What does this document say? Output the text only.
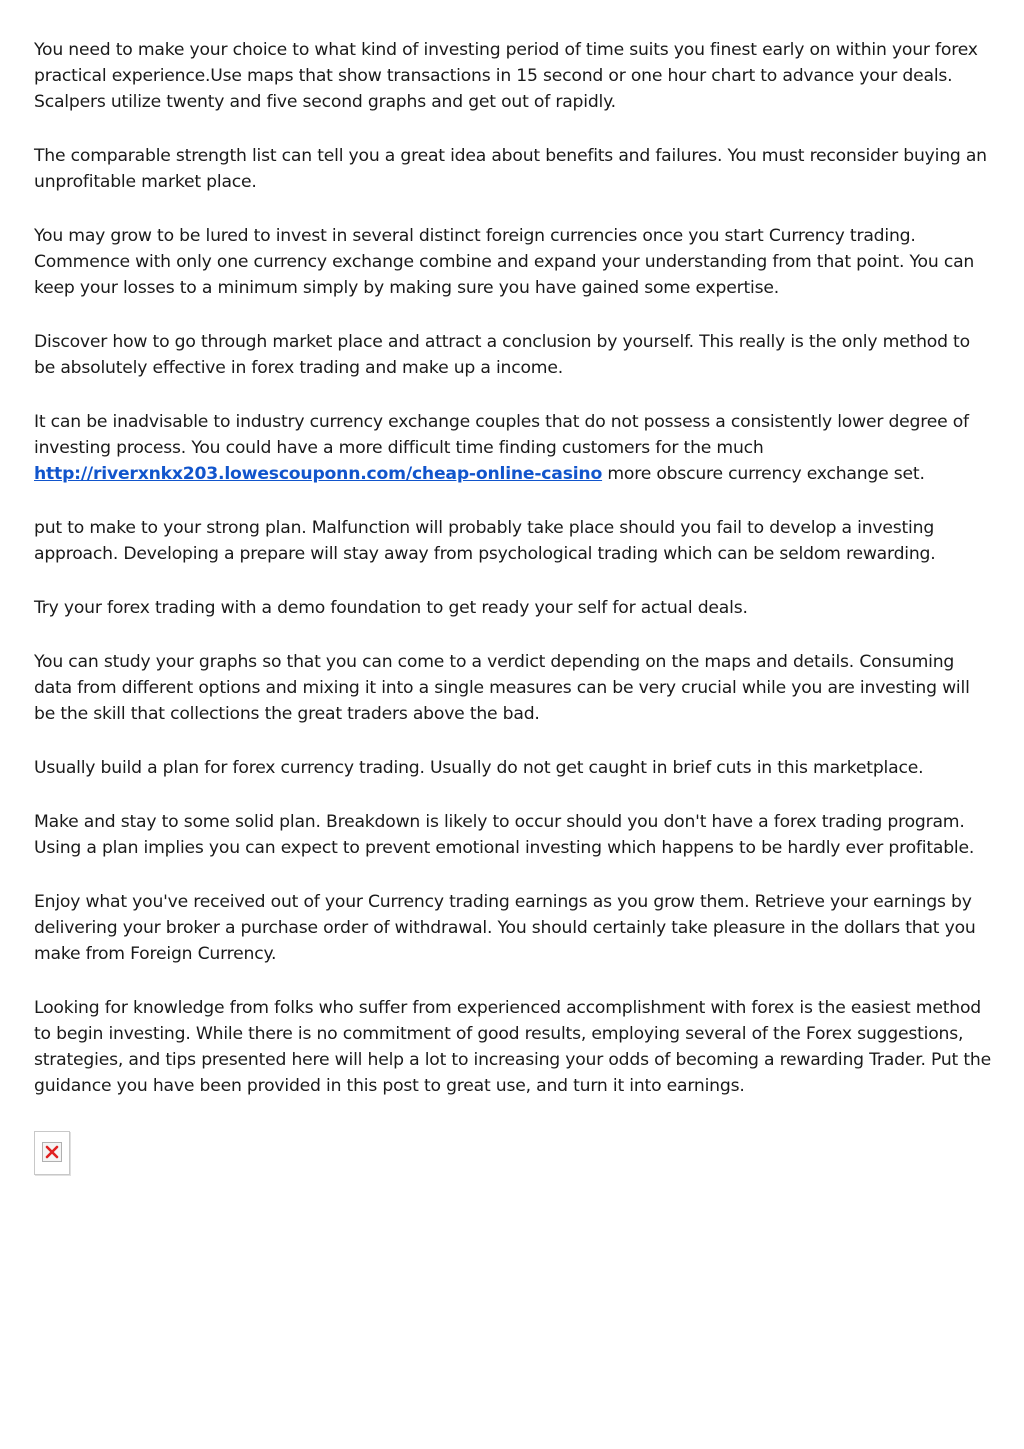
You need to make your choice to what kind of investing period of time suits you finest early on within your forex practical experience.Use maps that show transactions in 15 second or one hour chart to advance your deals. Scalpers utilize twenty and five second graphs and get out of rapidly.

The comparable strength list can tell you a great idea about benefits and failures. You must reconsider buying an unprofitable market place.

You may grow to be lured to invest in several distinct foreign currencies once you start Currency trading. Commence with only one currency exchange combine and expand your understanding from that point. You can keep your losses to a minimum simply by making sure you have gained some expertise.

Discover how to go through market place and attract a conclusion by yourself. This really is the only method to be absolutely effective in forex trading and make up a income.

It can be inadvisable to industry currency exchange couples that do not possess a consistently lower degree of investing process. You could have a more difficult time finding customers for the much http://riverxnkx203.lowescouponn.com/cheap-online-casino more obscure currency exchange set.

put to make to your strong plan. Malfunction will probably take place should you fail to develop a investing approach. Developing a prepare will stay away from psychological trading which can be seldom rewarding.

Try your forex trading with a demo foundation to get ready your self for actual deals.

You can study your graphs so that you can come to a verdict depending on the maps and details. Consuming data from different options and mixing it into a single measures can be very crucial while you are investing will be the skill that collections the great traders above the bad.

Usually build a plan for forex currency trading. Usually do not get caught in brief cuts in this marketplace.

Make and stay to some solid plan. Breakdown is likely to occur should you don't have a forex trading program. Using a plan implies you can expect to prevent emotional investing which happens to be hardly ever profitable.

Enjoy what you've received out of your Currency trading earnings as you grow them. Retrieve your earnings by delivering your broker a purchase order of withdrawal. You should certainly take pleasure in the dollars that you make from Foreign Currency.

Looking for knowledge from folks who suffer from experienced accomplishment with forex is the easiest method to begin investing. While there is no commitment of good results, employing several of the Forex suggestions, strategies, and tips presented here will help a lot to increasing your odds of becoming a rewarding Trader. Put the guidance you have been provided in this post to great use, and turn it into earnings.
